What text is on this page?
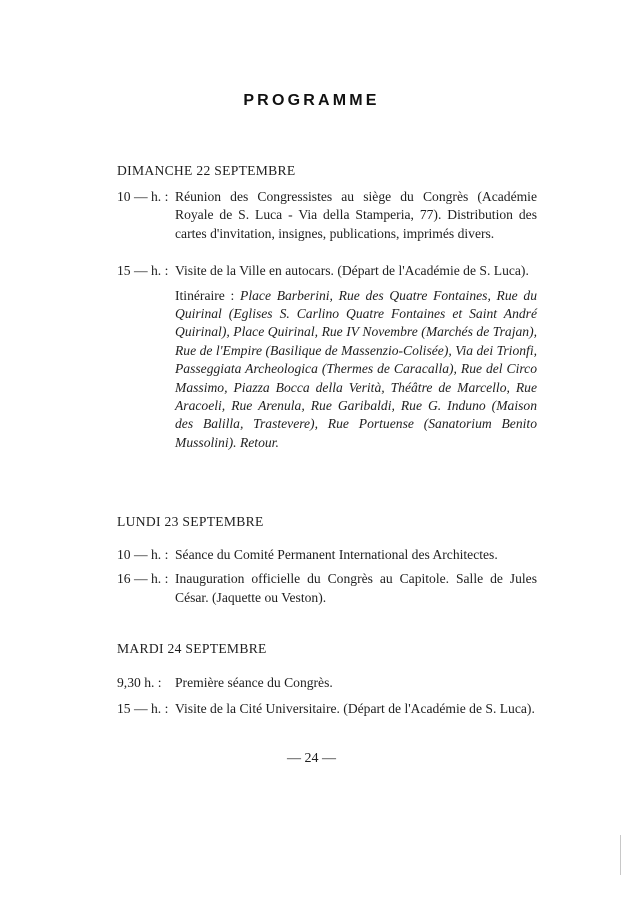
PROGRAMME
DIMANCHE 22 SEPTEMBRE
10 — h. : Réunion des Congressistes au siège du Congrès (Académie Royale de S. Luca - Via della Stamperia, 77). Distribution des cartes d'invitation, insignes, publications, imprimés divers.
15 — h. : Visite de la Ville en autocars. (Départ de l'Académie de S. Luca).
Itinéraire : Place Barberini, Rue des Quatre Fontaines, Rue du Quirinal (Eglises S. Carlino Quatre Fontaines et Saint André Quirinal), Place Quirinal, Rue IV Novembre (Marchés de Trajan), Rue de l'Empire (Basilique de Massenzio-Colisée), Via dei Trionfi, Passeggiata Archeologica (Thermes de Caracalla), Rue del Circo Massimo, Piazza Bocca della Verità, Théâtre de Marcello, Rue Aracoeli, Rue Arenula, Rue Garibaldi, Rue G. Induno (Maison des Balilla, Trastevere), Rue Portuense (Sanatorium Benito Mussolini). Retour.
LUNDI 23 SEPTEMBRE
10 — h. : Séance du Comité Permanent International des Architectes.
16 — h. : Inauguration officielle du Congrès au Capitole. Salle de Jules César. (Jaquette ou Veston).
MARDI 24 SEPTEMBRE
9,30 h. : Première séance du Congrès.
15 — h. : Visite de la Cité Universitaire. (Départ de l'Académie de S. Luca).
— 24 —
